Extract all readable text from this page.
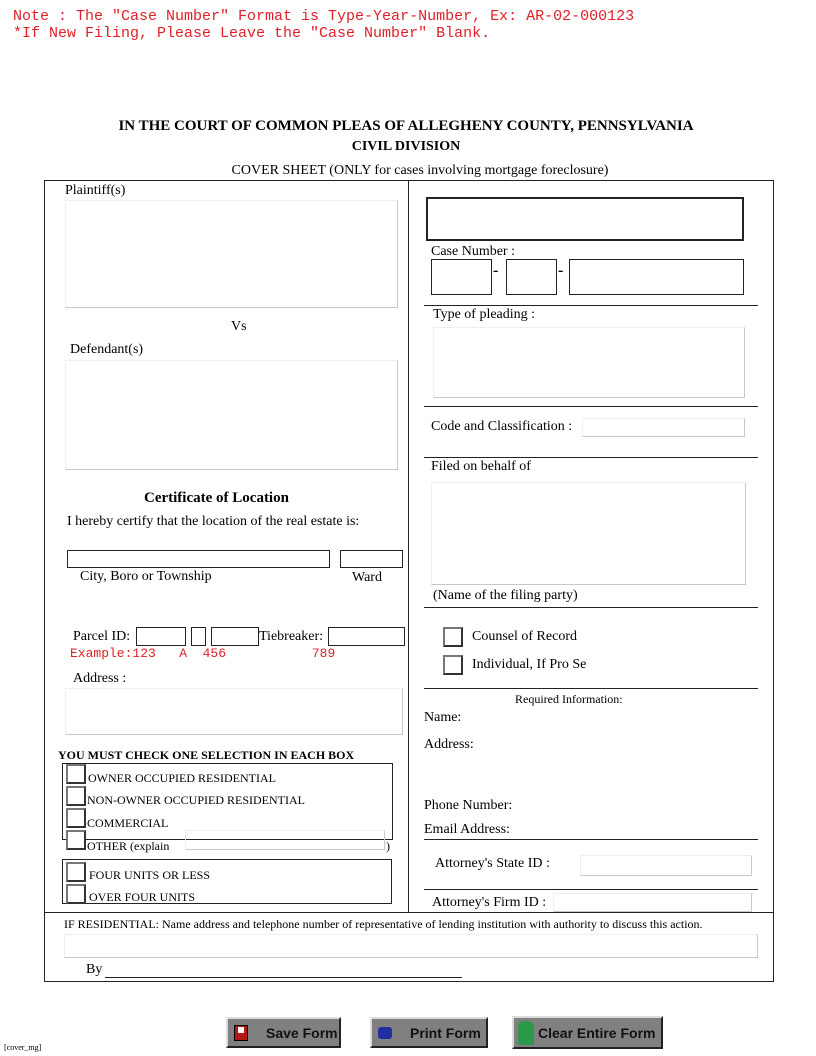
Note : The "Case Number" Format is Type-Year-Number, Ex: AR-02-000123
*If New Filing, Please Leave the "Case Number" Blank.
IN THE COURT OF COMMON PLEAS OF ALLEGHENY COUNTY, PENNSYLVANIA
CIVIL DIVISION
COVER SHEET (ONLY for cases involving mortgage foreclosure)
Plaintiff(s)
Vs
Defendant(s)
Certificate of Location
I hereby certify that the location of the real estate is:
City, Boro or Township	Ward
Parcel ID:	Tiebreaker:
Example:123   A  456           789
Address :
YOU MUST CHECK ONE SELECTION IN EACH BOX
OWNER OCCUPIED RESIDENTIAL
NON-OWNER OCCUPIED RESIDENTIAL
COMMERCIAL
OTHER (explain	)
FOUR UNITS OR LESS
OVER FOUR UNITS
Case Number :
-	-
Type of pleading :
Code and Classification :
Filed on behalf of
(Name of the filing party)
Counsel of Record
Individual, If Pro Se
Required Information:
Name:
Address:
Phone Number:
Email Address:
Attorney's State ID :
Attorney's Firm ID :
IF RESIDENTIAL: Name address and telephone number of representative of lending institution with authority to discuss this action.
By
Save Form	Print Form	Clear Entire Form
[cover_mg]
